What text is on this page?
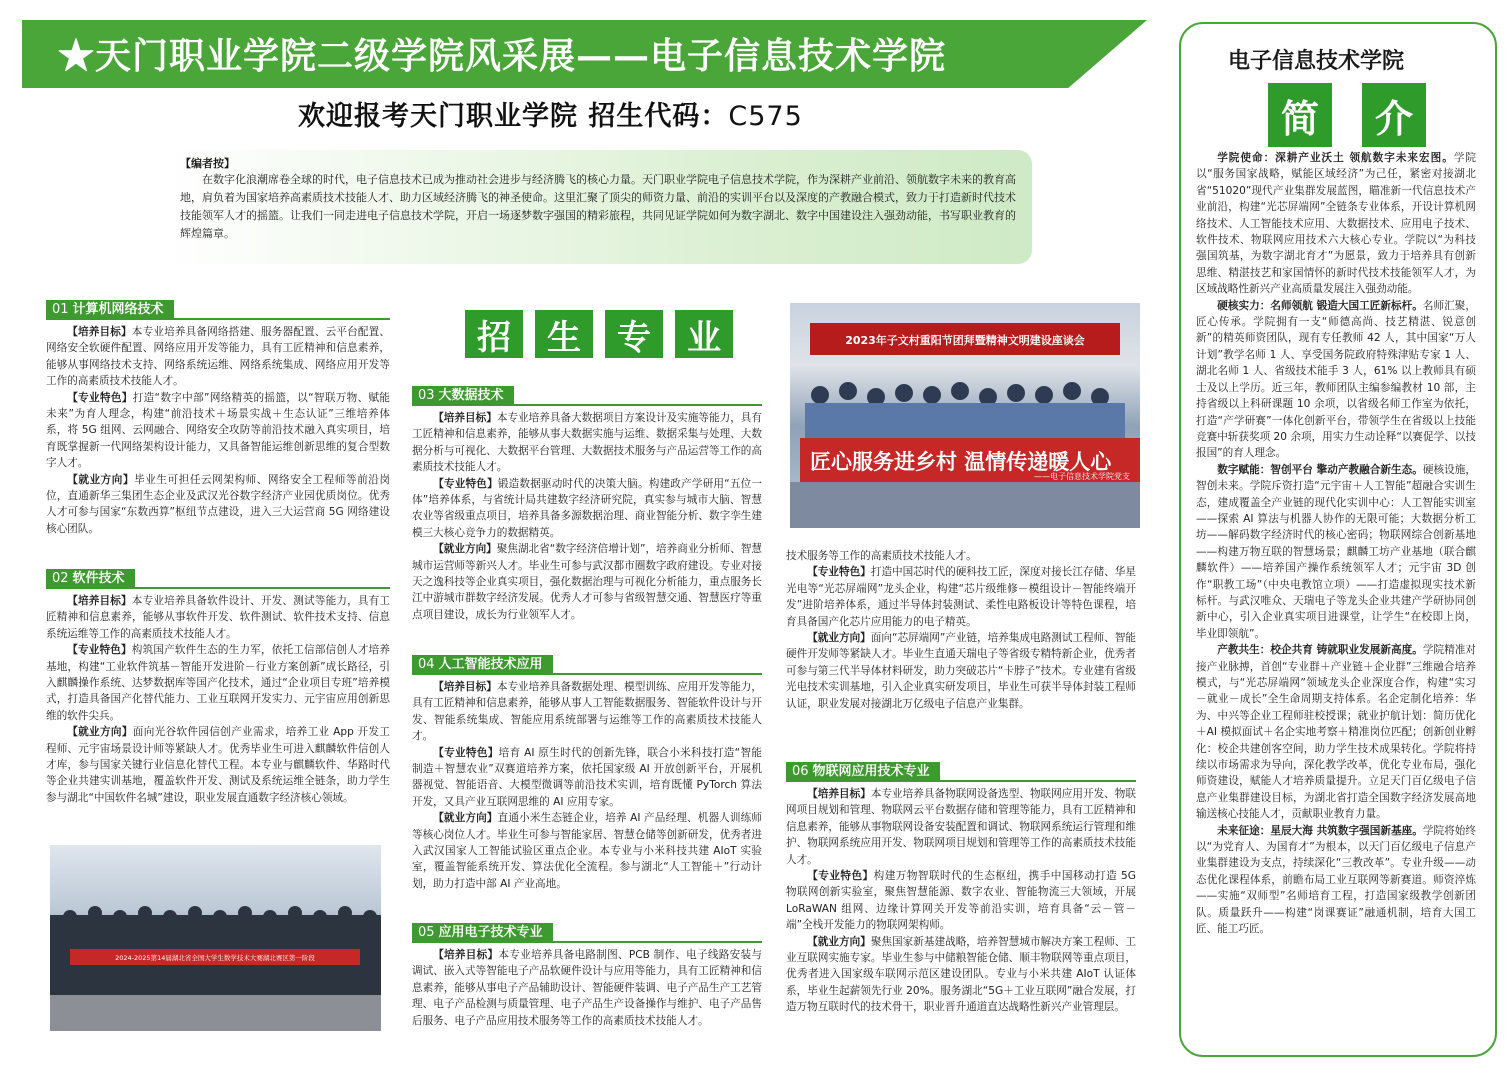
★天门职业学院二级学院风采展——电子信息技术学院
欢迎报考天门职业学院 招生代码：C575
【编者按】

在数字化浪潮席卷全球的时代，电子信息技术已成为推动社会进步与经济腾飞的核心力量。天门职业学院电子信息技术学院，作为深耕产业前沿、领航数字未来的教育高地，肩负着为国家培养高素质技术技能人才、助力区域经济腾飞的神圣使命。这里汇聚了顶尖的师资力量、前沿的实训平台以及深度的产教融合模式，致力于打造新时代技术技能领军人才的摇篮。让我们一同走进电子信息技术学院，开启一场逐梦数字强国的精彩旅程，共同见证学院如何为数字湖北、数字中国建设注入强劲动能，书写职业教育的辉煌篇章。

招	生	专	业
01 计算机网络技术

【培养目标】本专业培养具备网络搭建、服务器配置、云平台配置、网络安全软硬件配置、网络应用开发等能力，具有工匠精神和信息素养，能够从事网络技术支持、网络系统运维、网络系统集成、网络应用开发等工作的高素质技术技能人才。

【专业特色】打造“数字中部”网络精英的摇篮，以“智联万物、赋能未来”为育人理念，构建“前沿技术＋场景实战＋生态认证”三维培养体系，将 5G 组网、云网融合、网络安全攻防等前沿技术融入真实项目，培育既掌握新一代网络架构设计能力，又具备智能运维创新思维的复合型数字人才。

【就业方向】毕业生可担任云网架构师、网络安全工程师等前沿岗位，直通新华三集团生态企业及武汉光谷数字经济产业园优质岗位。优秀人才可参与国家“东数西算”枢纽节点建设，进入三大运营商 5G 网络建设核心团队。

02 软件技术

【培养目标】本专业培养具备软件设计、开发、测试等能力，具有工匠精神和信息素养，能够从事软件开发、软件测试、软件技术支持、信息系统运维等工作的高素质技术技能人才。

【专业特色】构筑国产软件生态的生力军，依托工信部信创人才培养基地，构建“工业软件筑基－智能开发进阶－行业方案创新”成长路径，引入麒麟操作系统、达梦数据库等国产化技术，通过“企业项目专班”培养模式，打造具备国产化替代能力、工业互联网开发实力、元宇宙应用创新思维的软件尖兵。

【就业方向】面向光谷软件园信创产业需求，培养工业 App 开发工程师、元宇宙场景设计师等紧缺人才。优秀毕业生可进入麒麟软件信创人才库，参与国家关键行业信息化替代工程。本专业与麒麟软件、华路时代等企业共建实训基地，覆盖软件开发、测试及系统运维全链条，助力学生参与湖北“中国软件名城”建设，职业发展直通数字经济核心领域。

03 大数据技术

【培养目标】本专业培养具备大数据项目方案设计及实施等能力，具有工匠精神和信息素养，能够从事大数据实施与运维、数据采集与处理、大数据分析与可视化、大数据平台管理、大数据技术服务与产品运营等工作的高素质技术技能人才。

【专业特色】锻造数据驱动时代的决策大脑。构建政产学研用“五位一体”培养体系，与省统计局共建数字经济研究院，真实参与城市大脑、智慧农业等省级重点项目，培养具备多源数据治理、商业智能分析、数字孪生建模三大核心竞争力的数据精英。

【就业方向】聚焦湖北省“数字经济倍增计划”，培养商业分析师、智慧城市运营师等新兴人才。毕业生可参与武汉都市圈数字政府建设。专业对接天之逸科技等企业真实项目，强化数据治理与可视化分析能力，重点服务长江中游城市群数字经济发展。优秀人才可参与省级智慧交通、智慧医疗等重点项目建设，成长为行业领军人才。

04 人工智能技术应用

【培养目标】本专业培养具备数据处理、模型训练、应用开发等能力，具有工匠精神和信息素养，能够从事人工智能数据服务、智能软件设计与开发、智能系统集成、智能应用系统部署与运维等工作的高素质技术技能人才。

【专业特色】培育 AI 原生时代的创新先锋，联合小米科技打造“智能制造＋智慧农业”双赛道培养方案，依托国家级 AI 开放创新平台，开展机器视觉、智能语音、大模型微调等前沿技术实训，培育既懂 PyTorch 算法开发，又具产业互联网思维的 AI 应用专家。

【就业方向】直通小米生态链企业，培养 AI 产品经理、机器人训练师等核心岗位人才。毕业生可参与智能家居、智慧仓储等创新研发，优秀者进入武汉国家人工智能试验区重点企业。本专业与小米科技共建 AIoT 实验室，覆盖智能系统开发、算法优化全流程。参与湖北“人工智能＋”行动计划，助力打造中部 AI 产业高地。

05 应用电子技术专业

【培养目标】本专业培养具备电路制图、PCB 制作、电子线路安装与调试、嵌入式等智能电子产品软硬件设计与应用等能力，具有工匠精神和信息素养，能够从事电子产品辅助设计、智能硬件装调、电子产品生产工艺管理、电子产品检测与质量管理、电子产品生产设备操作与维护、电子产品售后服务、电子产品应用技术服务等工作的高素质技术技能人才。

06 物联网应用技术专业

【培养目标】本专业培养具备物联网设备选型、物联网应用开发、物联网项目规划和管理、物联网云平台数据存储和管理等能力，具有工匠精神和信息素养，能够从事物联网设备安装配置和调试、物联网系统运行管理和维护、物联网系统应用开发、物联网项目规划和管理等工作的高素质技术技能人才。

【专业特色】构建万物智联时代的生态枢纽，携手中国移动打造 5G 物联网创新实验室，聚焦智慧能源、数字农业、智能物流三大领域，开展 LoRaWAN 组网、边缘计算网关开发等前沿实训，培育具备“云－管－端”全栈开发能力的物联网架构师。

【就业方向】聚焦国家新基建战略，培养智慧城市解决方案工程师、工业互联网实施专家。毕业生参与中储粮智能仓储、顺丰物联网等重点项目，优秀者进入国家级车联网示范区建设团队。专业与小米共建 AIoT 认证体系，毕业生起薪领先行业 20%。服务湖北“5G＋工业互联网”融合发展，打造万物互联时代的技术骨干，职业晋升通道直达战略性新兴产业管理层。

技术服务等工作的高素质技术技能人才。

【专业特色】打造中国芯时代的硬科技工匠，深度对接长江存储、华星光电等“光芯屏端网”龙头企业，构建“芯片级维修－模组设计－智能终端开发”进阶培养体系，通过半导体封装测试、柔性电路板设计等特色课程，培育具备国产化芯片应用能力的电子精英。

【就业方向】面向“芯屏端网”产业链，培养集成电路测试工程师、智能硬件开发师等紧缺人才。毕业生直通天瑞电子等省级专精特新企业，优秀者可参与第三代半导体材料研发，助力突破芯片“卡脖子”技术。专业建有省级光电技术实训基地，引入企业真实研发项目，毕业生可获半导体封装工程师认证，职业发展对接湖北万亿级电子信息产业集群。

2023年子文村重阳节团拜暨精神文明建设座谈会
匠心服务进乡村 温情传递暖人心
——电子信息技术学院党支
2024-2025第14届湖北省全国大学生数学技术大赛湖北赛区第一阶段
电子信息技术学院
简	介

学院使命：深耕产业沃土 领航数字未来宏图。学院以“服务国家战略，赋能区域经济”为己任，紧密对接湖北省“51020”现代产业集群发展蓝图，瞄准新一代信息技术产业前沿，构建“光芯屏端网”全链条专业体系，开设计算机网络技术、人工智能技术应用、大数据技术、应用电子技术、软件技术、物联网应用技术六大核心专业。学院以“为科技强国筑基，为数字湖北育才”为愿景，致力于培养具有创新思维、精湛技艺和家国情怀的新时代技术技能领军人才，为区域战略性新兴产业高质量发展注入强劲动能。

硬核实力：名师领航 锻造大国工匠新标杆。名师汇聚，匠心传承。学院拥有一支“师德高尚、技艺精湛、锐意创新”的精英师资团队，现有专任教师 42 人，其中国家“万人计划”教学名师 1 人、享受国务院政府特殊津贴专家 1 人、湖北名师 1 人、省级技术能手 3 人，61% 以上教师具有硕士及以上学历。近三年，教师团队主编参编教材 10 部，主持省级以上科研课题 10 余项，以省级名师工作室为依托，打造“产学研赛”一体化创新平台，带领学生在省级以上技能竞赛中斩获奖项 20 余项，用实力生动诠释“以赛促学、以技报国”的育人理念。

数字赋能：智创平台 擎动产教融合新生态。硬核设施，智创未来。学院斥资打造“元宇宙＋人工智能”超融合实训生态，建成覆盖全产业链的现代化实训中心：人工智能实训室——探索 AI 算法与机器人协作的无限可能；大数据分析工坊——解码数字经济时代的核心密码；物联网综合创新基地——构建万物互联的智慧场景；麒麟工坊产业基地（联合麒麟软件）——培养国产操作系统领军人才；元宇宙 3D 创作“职教工场”（中央电教馆立项）——打造虚拟现实技术新标杆。与武汉唯众、天瑞电子等龙头企业共建产学研协同创新中心，引入企业真实项目进课堂，让学生“在校即上岗，毕业即领航”。

产教共生：校企共育 铸就职业发展新高度。学院精准对接产业脉搏，首创“专业群＋产业链＋企业群”三维融合培养模式，与“光芯屏端网”领域龙头企业深度合作，构建“实习－就业－成长”全生命周期支持体系。名企定制化培养：华为、中兴等企业工程师驻校授课；就业护航计划：简历优化＋AI 模拟面试＋名企实地考察＋精准岗位匹配；创新创业孵化：校企共建创客空间，助力学生技术成果转化。学院将持续以市场需求为导向，深化教学改革，优化专业布局，强化师资建设，赋能人才培养质量提升。立足天门百亿级电子信息产业集群建设目标，为湖北省打造全国数字经济发展高地输送核心技能人才，贡献职业教育力量。

未来征途：星辰大海 共筑数字强国新基座。学院将始终以“为党育人、为国育才”为根本，以天门百亿级电子信息产业集群建设为支点，持续深化“三教改革”。专业升级——动态优化课程体系，前瞻布局工业互联网等新赛道。师资淬炼——实施“双师型”名师培育工程，打造国家级教学创新团队。质量跃升——构建“岗课赛证”融通机制，培育大国工匠、能工巧匠。
